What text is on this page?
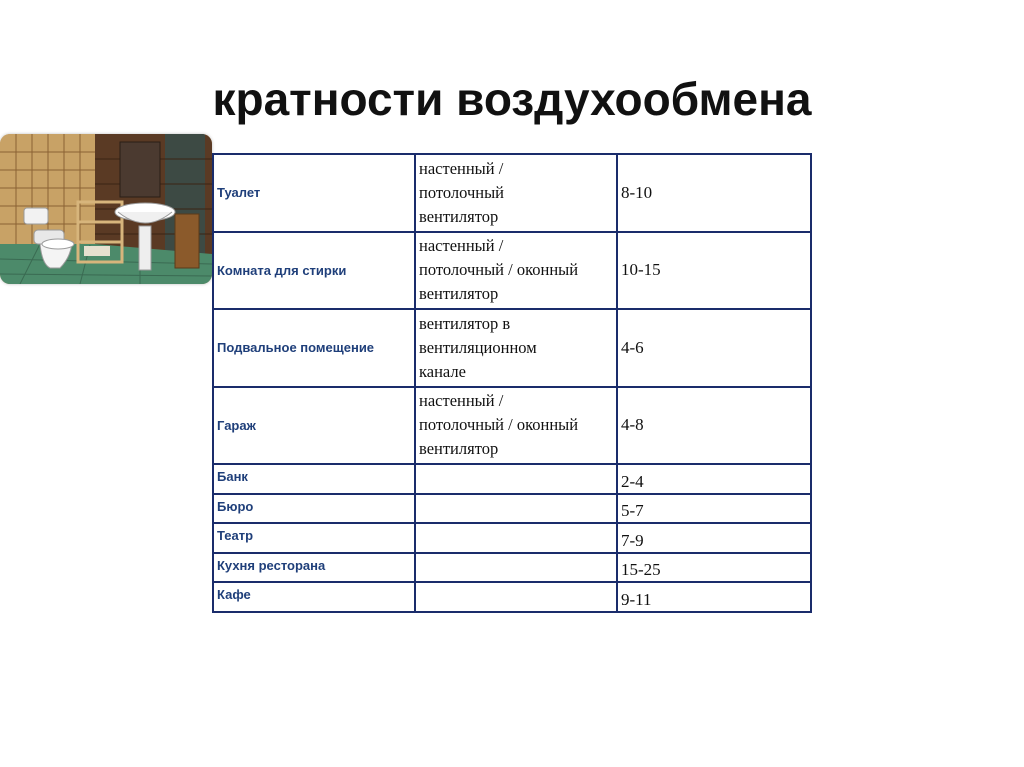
кратности воздухообмена
Туалет	настенный /
потолочный
вентилятор	8-10
Комната для стирки	настенный /
потолочный / оконный
вентилятор	10-15
Подвальное помещение	вентилятор в
вентиляционном
канале	4-6
Гараж	настенный /
потолочный / оконный
вентилятор	4-8
Банк		2-4
Бюро		5-7
Театр		7-9
Кухня ресторана		15-25
Кафе		9-11
